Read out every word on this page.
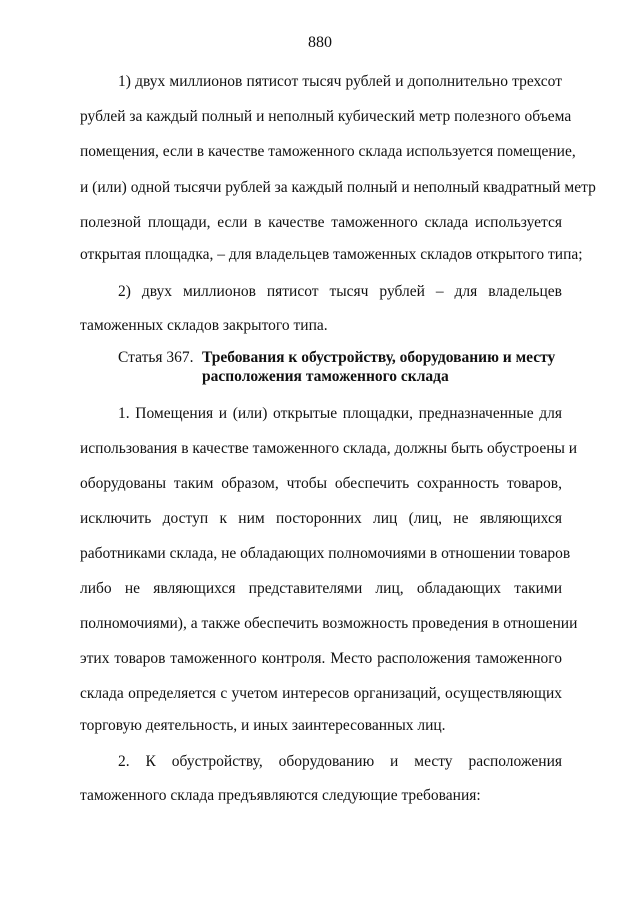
880
1) двух миллионов пятисот тысяч рублей и дополнительно трехсот
рублей за каждый полный и неполный кубический метр полезного объема
помещения, если в качестве таможенного склада используется помещение,
и (или) одной тысячи рублей за каждый полный и неполный квадратный метр
полезной площади, если в качестве таможенного склада используется
открытая площадка, – для владельцев таможенных складов открытого типа;
2) двух миллионов пятисот тысяч рублей – для владельцев
таможенных складов закрытого типа.
Статья 367. Требования к обустройству, оборудованию и месту
расположения таможенного склада
1. Помещения и (или) открытые площадки, предназначенные для
использования в качестве таможенного склада, должны быть обустроены и
оборудованы таким образом, чтобы обеспечить сохранность товаров,
исключить доступ к ним посторонних лиц (лиц, не являющихся
работниками склада, не обладающих полномочиями в отношении товаров
либо не являющихся представителями лиц, обладающих такими
полномочиями), а также обеспечить возможность проведения в отношении
этих товаров таможенного контроля. Место расположения таможенного
склада определяется с учетом интересов организаций, осуществляющих
торговую деятельность, и иных заинтересованных лиц.
2. К обустройству, оборудованию и месту расположения
таможенного склада предъявляются следующие требования:
